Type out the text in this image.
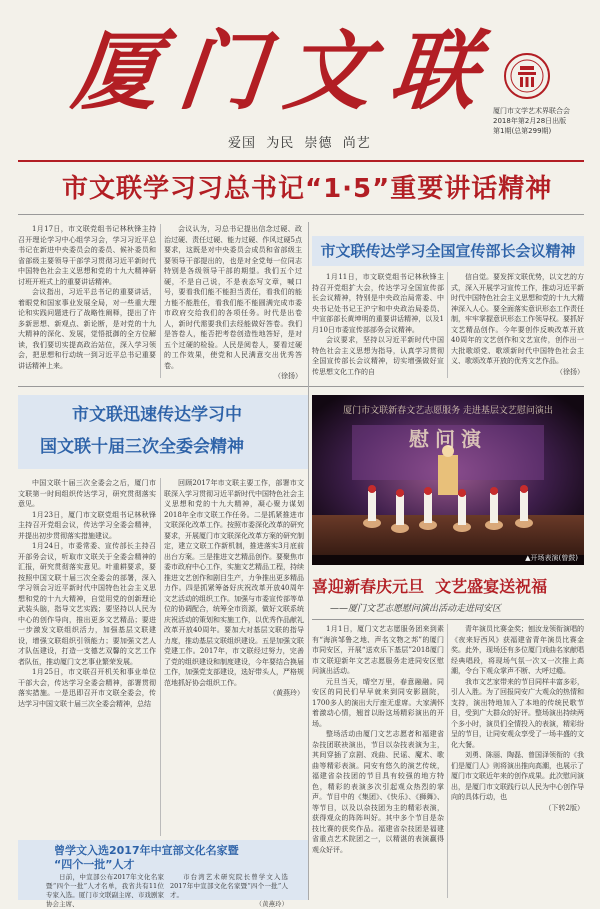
厦门文联
爱国  为民  崇德  尚艺
厦门市文学艺术界联合会
2018年第2月28日出版
第1期(总第299期)
市文联学习习总书记“1·5”重要讲话精神

1月17日，市文联党组书记林秋锋主持召开理论学习中心组学习会，学习习近平总书记在新进中央委员会的委员、候补委员和省部级主要领导干部学习贯彻习近平新时代中国特色社会主义思想和党的十九大精神研讨班开班式上的重要讲话精神。

会议指出，习近平总书记的重要讲话，着眼党和国家事业发展全局，对一些重大理论和实践问题进行了战略性阐释，提出了许多新思想、新观点、新论断，是对党的十九大精神的深化、发展，觉悟抵御的全方位解读，我们要切实提高政治站位，深入学习领会，把思想和行动统一到习近平总书记重要讲话精神上来。

会议认为，习总书记提出信念过硬、政治过硬、责任过硬、能力过硬、作风过硬5点要求，这既是对中央委员会成员和省部级主要领导干部提出的，也是对全党每一位同志特别是各级领导干部的期望。我们五个过硬，不是自己说，不是表态写文章，喊口号，要看我们能不能担当责任，看我们的能力能不能胜任，看我们能不能圆满完成市委市政府交给我们的各项任务。时代是出卷人，新时代需要我们去经能做好答卷。我们是答卷人，能否把考卷创造性地答好，是对五个过硬的检验。人民是阅卷人，要看过硬的工作效果，使党和人民满意交出优秀答卷。

（徐扬）
市文联传达学习全国宣传部长会议精神

1月11日，市文联党组书记林秋锋主持召开党组扩大会，传达学习全国宣传部长会议精神，特别是中央政治局常委、中央书记处书记王沪宁和中央政治局委员、中宣部部长黄坤明的重要讲话精神，以及1月10日市委宣传部部务会议精神。

会议要求，坚持以习近平新时代中国特色社会主义思想为指导，认真学习贯彻全国宣传部长会议精神，切实增强做好宣传思想文化工作的自

信自觉。要发挥文联优势，以文艺的方式，深入开展学习宣传工作，推动习近平新时代中国特色社会主义思想和党的十九大精神深入人心。要全面落实意识形态工作责任制，牢牢掌握意识形态工作领导权。要抓好文艺精品创作。今年要创作反映改革开放40周年的文艺创作和文艺宣传，创作出一大批歌颂党、歌颂新时代中国特色社会主义、歌颂改革开放的优秀文艺作品。

（徐扬）
市文联迅速传达学习中
国文联十届三次全委会精神

中国文联十届三次全委会之后，厦门市文联第一时间组织传达学习，研究贯彻落实意见。

1月23日，厦门市文联党组书记林秋锋主持召开党组会议，传达学习全委会精神，并提出初步贯彻落实措施建议。

1月24日，市委常委、宣传部长主持召开部务会议，听取市文联关于全委会精神的汇报，研究贯彻落实意见。叶重耕要求，要按照中国文联十届三次全委会的部署，深入学习领会习近平新时代中国特色社会主义思想和党的十九大精神，自觉用党的创新理论武装头脑，指导文艺实践；要坚持以人民为中心的创作导向，推出更多文艺精品；要进一步激发文联组织活力，加强基层文联建设，增强文联组织引领能力；要加强文艺人才队伍建设，打造一支德艺双馨的文艺工作者队伍，推动厦门文艺事业繁荣发展。

1月25日，市文联召开机关和事业单位干部大会，传达学习全委会精神，部署贯彻落实措施。一是迅即召开市文联全委会，传达学习中国文联十届三次全委会精神，总结

回顾2017年市文联主要工作，部署市文联深入学习贯彻习近平新时代中国特色社会主义思想和党的十九大精神，凝心聚力谋划2018年全市文联工作任务。二是抓紧推进市文联深化改革工作。按照市委深化改革的研究要求，开展厦门市文联深化改革方案的研究制定，建立文联工作新机制，推进落实3月底前出台方案。三是推进文艺精品创作。要聚焦市委市政府中心工作，实施文艺精品工程，持续推进文艺创作和剧目生产，力争推出更多精品力作。四是抓紧筹备好庆祝改革开放40周年文艺活动的组织工作。加强与市委宣传部等单位的协调配合，统筹全市资源，做好文联系统庆祝活动的策划和实施工作，以优秀作品献礼改革开放40周年。要加大对基层文联的指导力度，推动基层文联组织建设。五是加强文联党建工作。2017年，市文联经过努力，完善了党的组织建设和制度建设，今年要结合换届工作，加强党支部建设，选好带头人，严格规范地抓好协会组织工作。

（黄燕玲）
曾学文入选2017年中宣部文化名家暨
“四个一批”人才

日前，中宣部公布2017年文化名家暨“四个一批”人才名单，我省共有11位专家入选。厦门市文联副主席、市戏剧家协会主席、

市台湾艺术研究院长曾学文入选2017年中宣部文化名家暨“四个一批”人才。

（黄燕玲）
厦门市文联新春文艺志愿服务 走进基层文艺慰问演出
慰问演
▲开场表演(曾鼓)
喜迎新春庆元旦  文艺盛宴送祝福
——厦门文艺志愿慰问演出活动走进同安区

1月1日，厦门文艺志愿服务团来到素有“海滨邹鲁之地、声名文物之邦”的厦门市同安区，开展“送欢乐下基层”2018厦门市文联迎新年文艺志愿服务走进同安区慰问演出活动。

元旦当天，晴空万里，春意融融。同安区的同民们早早就来到同安影剧院，1700多人的演出大厅座无虚席。大家满怀着激动心情，翘首以盼这场精彩演出的开场。

整场活动由厦门文艺志愿者和福建省杂技团联袂演出，节目以杂技表演为主，其间穿插了京剧、戏曲、民谣、魔术、歌曲等精彩表演。同安有悠久的演艺传统，福建省杂技团的节目具有较强的地方特色，精彩的表演多次引起观众热烈的掌声。节目中的《集团》、《快乐》、《狮舞》、等节目，以及以杂技团为主的精彩表演，获得观众的阵阵叫好。其中多个节目是杂技比赛的获奖作品。福建省杂技团是福建省重点艺术院团之一，以精湛的表演赢得观众好评。

青年演员比赛金奖；刨汝龙领衔演唱的《夜来好西风》获福建省青年演员比赛金奖。此外，现场还有多位厦门戏曲名家献唱经典唱段，将现场气氛一次又一次推上高潮，令台下观众掌声不断、大呼过瘾。

我市文艺家带来的节目同样丰富多彩，引人入胜。为了回报同安广大观众的热情和支持，演出特地加入了本地的传统民歌节目，受到广大群众的好评。整场演出持续两个多小时，演员们全情投入的表演，精彩纷呈的节目，让同安观众享受了一场丰盛的文化大餐。

刘勇、陈丽、陶磊、曾国泽领衔的《我们是厦门人》则将演出推向高潮，也展示了厦门市文联近年来的创作成果。此次慰问演出，是厦门市文联践行以人民为中心创作导向的具体行动，也

（下转2版）
